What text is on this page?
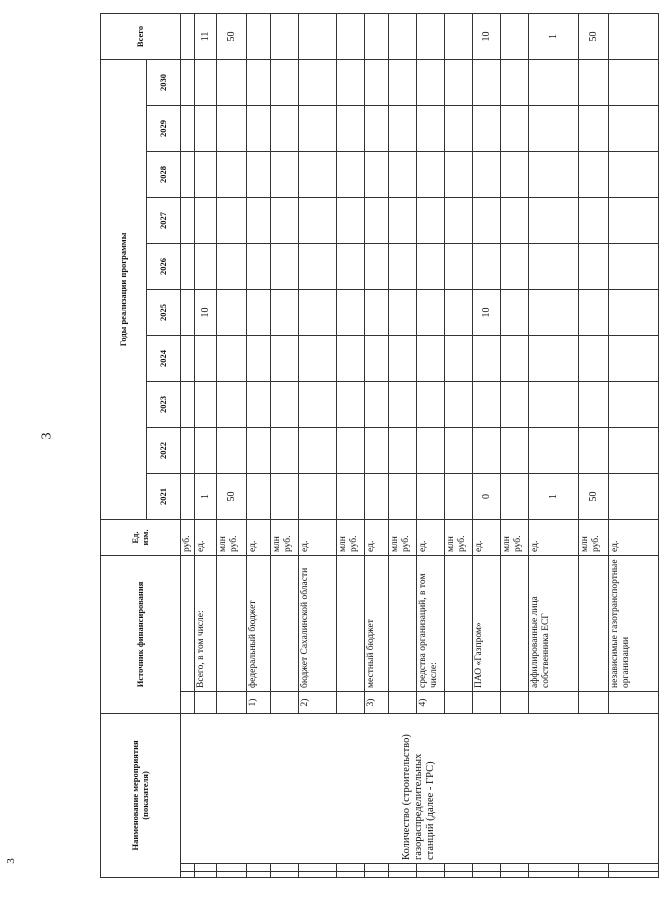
3
3
Наименование мероприятия (показателя)			Источник финансирования		Ед. изм.	Годы реализации программы										Всего
						2021	2022	2023	2024	2025	2026	2027	2028	2029	2030	
		Количество (строительство) газораспределительных станций (далее - ГРС)			руб.											
				Всего, в том числе:	ед.	1				10						11
					млн руб.	50										50
			1)	федеральный бюджет	ед.											
					млн руб.											
			2)	бюджет Сахалинской области	ед.											
					млн руб.											
			3)	местный бюджет	ед.											
					млн руб.											
			4)	средства организаций, в том числе:	ед.											
					млн руб.											
				ПАО «Газпром»	ед.	0				10						10
					млн руб.											
				аффилированные лица собственника ЕСГ	ед.	1										1
					млн руб.	50										50
				независимые газотранспортные организации	ед.											
